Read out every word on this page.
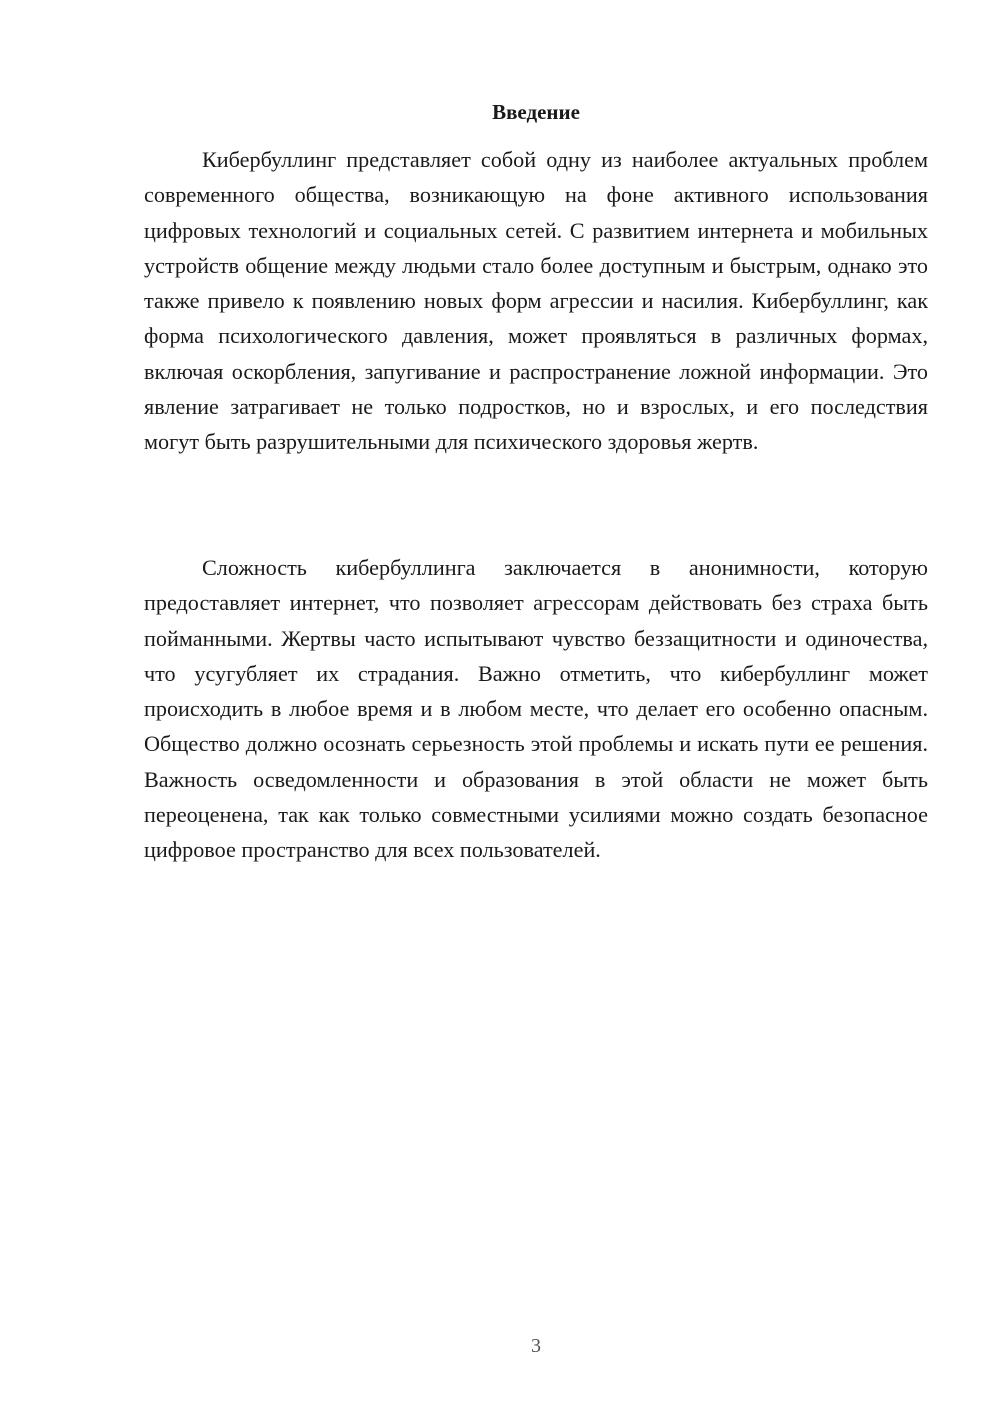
Введение

Кибербуллинг представляет собой одну из наиболее актуальных проблем современного общества, возникающую на фоне активного использования цифровых технологий и социальных сетей. С развитием интернета и мобильных устройств общение между людьми стало более доступным и быстрым, однако это также привело к появлению новых форм агрессии и насилия. Кибербуллинг, как форма психологического давления, может проявляться в различных формах, включая оскорбления, запугивание и распространение ложной информации. Это явление затрагивает не только подростков, но и взрослых, и его последствия могут быть разрушительными для психического здоровья жертв.

Сложность кибербуллинга заключается в анонимности, которую предоставляет интернет, что позволяет агрессорам действовать без страха быть пойманными. Жертвы часто испытывают чувство беззащитности и одиночества, что усугубляет их страдания. Важно отметить, что кибербуллинг может происходить в любое время и в любом месте, что делает его особенно опасным. Общество должно осознать серьезность этой проблемы и искать пути ее решения. Важность осведомленности и образования в этой области не может быть переоценена, так как только совместными усилиями можно создать безопасное цифровое пространство для всех пользователей.

3
